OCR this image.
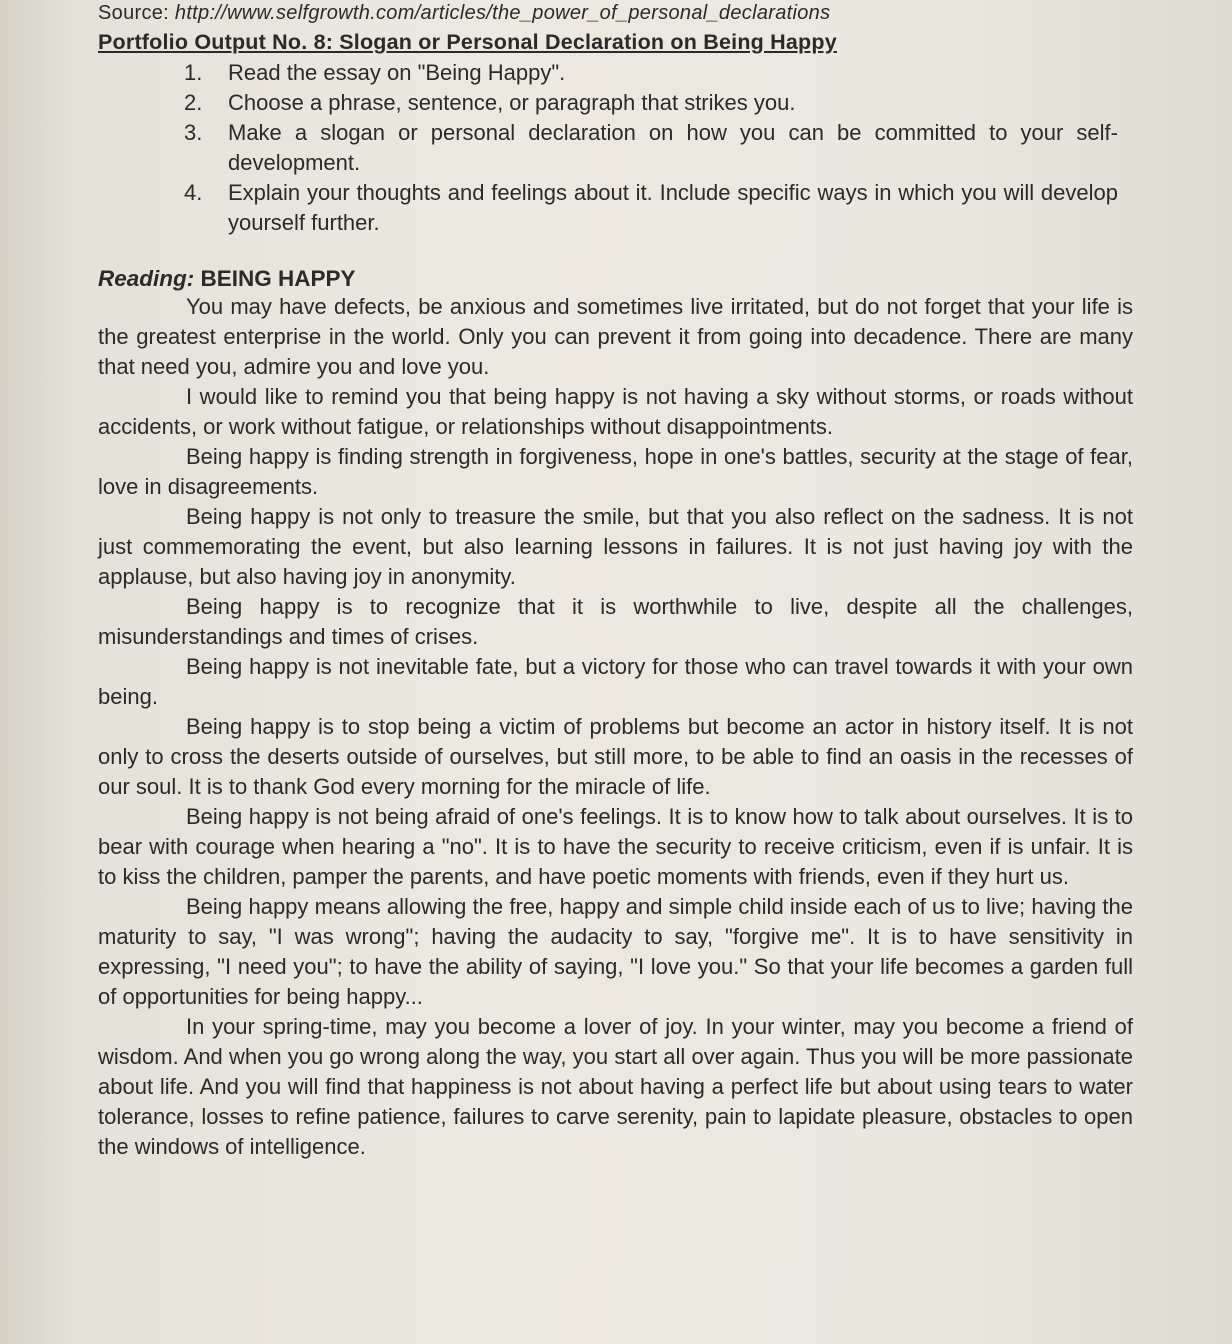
Source: http://www.selfgrowth.com/articles/the_power_of_personal_declarations
Portfolio Output No. 8: Slogan or Personal Declaration on Being Happy
1. Read the essay on "Being Happy".
2. Choose a phrase, sentence, or paragraph that strikes you.
3. Make a slogan or personal declaration on how you can be committed to your self-development.
4. Explain your thoughts and feelings about it. Include specific ways in which you will develop yourself further.
Reading: BEING HAPPY

You may have defects, be anxious and sometimes live irritated, but do not forget that your life is the greatest enterprise in the world. Only you can prevent it from going into decadence. There are many that need you, admire you and love you.

I would like to remind you that being happy is not having a sky without storms, or roads without accidents, or work without fatigue, or relationships without disappointments.

Being happy is finding strength in forgiveness, hope in one's battles, security at the stage of fear, love in disagreements.

Being happy is not only to treasure the smile, but that you also reflect on the sadness. It is not just commemorating the event, but also learning lessons in failures. It is not just having joy with the applause, but also having joy in anonymity.

Being happy is to recognize that it is worthwhile to live, despite all the challenges, misunderstandings and times of crises.

Being happy is not inevitable fate, but a victory for those who can travel towards it with your own being.

Being happy is to stop being a victim of problems but become an actor in history itself. It is not only to cross the deserts outside of ourselves, but still more, to be able to find an oasis in the recesses of our soul. It is to thank God every morning for the miracle of life.

Being happy is not being afraid of one's feelings. It is to know how to talk about ourselves. It is to bear with courage when hearing a "no". It is to have the security to receive criticism, even if is unfair. It is to kiss the children, pamper the parents, and have poetic moments with friends, even if they hurt us.

Being happy means allowing the free, happy and simple child inside each of us to live; having the maturity to say, "I was wrong"; having the audacity to say, "forgive me". It is to have sensitivity in expressing, "I need you"; to have the ability of saying, "I love you." So that your life becomes a garden full of opportunities for being happy...

In your spring-time, may you become a lover of joy. In your winter, may you become a friend of wisdom. And when you go wrong along the way, you start all over again. Thus you will be more passionate about life. And you will find that happiness is not about having a perfect life but about using tears to water tolerance, losses to refine patience, failures to carve serenity, pain to lapidate pleasure, obstacles to open the windows of intelligence.
